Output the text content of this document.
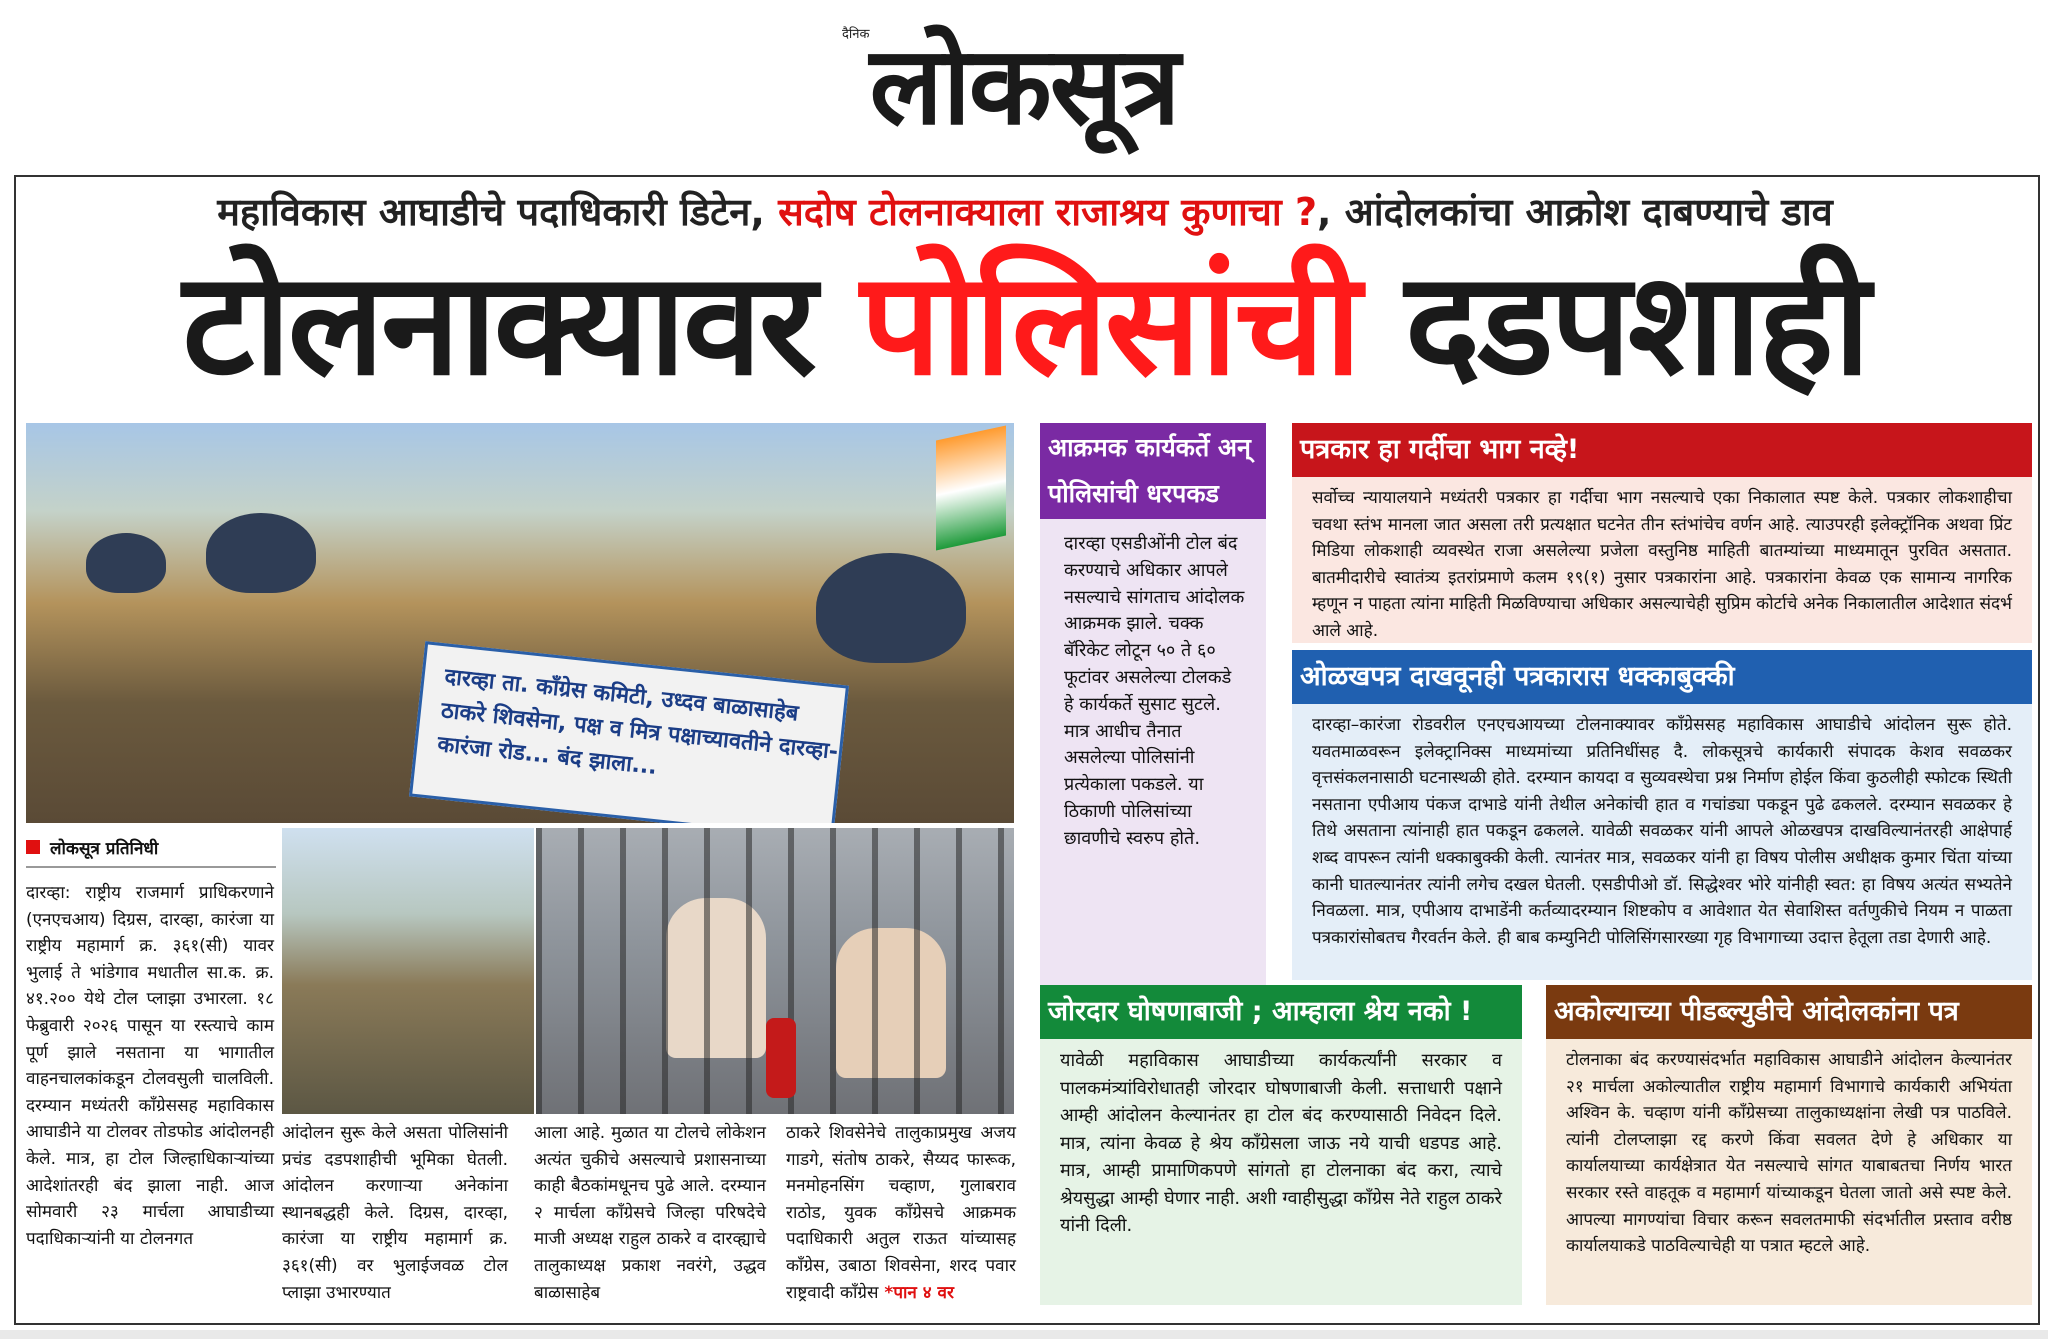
दैनिक लोकसूत्र
महाविकास आघाडीचे पदाधिकारी डिटेन, सदोष टोलनाक्याला राजाश्रय कुणाचा ?, आंदोलकांचा आक्रोश दाबण्याचे डाव
टोलनाक्यावर पोलिसांची दडपशाही
दारव्हा ता. काँग्रेस कमिटी, उध्दव बाळासाहेब ठाकरे शिवसेना, पक्ष व मित्र पक्षाच्यावतीने दारव्हा-कारंजा रोड... बंद झाला...
लोकसूत्र प्रतिनिधी
दारव्हा: राष्ट्रीय राजमार्ग प्राधिकरणाने (एनएचआय) दिग्रस, दारव्हा, कारंजा या राष्ट्रीय महामार्ग क्र. ३६१(सी) यावर भुलाई ते भांडेगाव मधातील सा.क. क्र. ४१.२०० येथे टोल प्लाझा उभारला. १८ फेब्रुवारी २०२६ पासून या रस्त्याचे काम पूर्ण झाले नसताना या भागातील वाहनचालकांकडून टोलवसुली चालविली. दरम्यान मध्यंतरी काँग्रेससह महाविकास आघाडीने या टोलवर तोडफोड आंदोलनही केले. मात्र, हा टोल जिल्हाधिकाऱ्यांच्या आदेशांतरही बंद झाला नाही. आज सोमवारी २३ मार्चला आघाडीच्या पदाधिकाऱ्यांनी या टोलनगत
आंदोलन सुरू केले असता पोलिसांनी प्रचंड दडपशाहीची भूमिका घेतली. आंदोलन करणाऱ्या अनेकांना स्थानबद्धही केले. दिग्रस, दारव्हा, कारंजा या राष्ट्रीय महामार्ग क्र. ३६१(सी) वर भुलाईजवळ टोल प्लाझा उभारण्यात
आला आहे. मुळात या टोलचे लोकेशन अत्यंत चुकीचे असल्याचे प्रशासनाच्या काही बैठकांमधूनच पुढे आले. दरम्यान २ मार्चला काँग्रेसचे जिल्हा परिषदेचे माजी अध्यक्ष राहुल ठाकरे व दारव्ह्याचे तालुकाध्यक्ष प्रकाश नवरंगे, उद्धव बाळासाहेब
ठाकरे शिवसेनेचे तालुकाप्रमुख अजय गाडगे, संतोष ठाकरे, सैय्यद फारूक, मनमोहनसिंग चव्हाण, गुलाबराव राठोड, युवक काँग्रेसचे आक्रमक पदाधिकारी अतुल राऊत यांच्यासह काँग्रेस, उबाठा शिवसेना, शरद पवार राष्ट्रवादी काँग्रेस *पान ४ वर
आक्रमक कार्यकर्ते अन् पोलिसांची धरपकड
दारव्हा एसडीओंनी टोल बंद करण्याचे अधिकार आपले नसल्याचे सांगताच आंदोलक आक्रमक झाले. चक्क बॅरिकेट लोटून ५० ते ६० फूटांवर असलेल्या टोलकडे हे कार्यकर्ते सुसाट सुटले. मात्र आधीच तैनात असलेल्या पोलिसांनी प्रत्येकाला पकडले. या ठिकाणी पोलिसांच्या छावणीचे स्वरुप होते.
पत्रकार हा गर्दीचा भाग नव्हे!
सर्वोच्च न्यायालयाने मध्यंतरी पत्रकार हा गर्दीचा भाग नसल्याचे एका निकालात स्पष्ट केले. पत्रकार लोकशाहीचा चवथा स्तंभ मानला जात असला तरी प्रत्यक्षात घटनेत तीन स्तंभांचेच वर्णन आहे. त्याउपरही इलेक्ट्रॉनिक अथवा प्रिंट मिडिया लोकशाही व्यवस्थेत राजा असलेल्या प्रजेला वस्तुनिष्ठ माहिती बातम्यांच्या माध्यमातून पुरवित असतात. बातमीदारीचे स्वातंत्र्य इतरांप्रमाणे कलम १९(१) नुसार पत्रकारांना आहे. पत्रकारांना केवळ एक सामान्य नागरिक म्हणून न पाहता त्यांना माहिती मिळविण्याचा अधिकार असल्याचेही सुप्रिम कोर्टाचे अनेक निकालातील आदेशात संदर्भ आले आहे.
ओळखपत्र दाखवूनही पत्रकारास धक्काबुक्की
दारव्हा–कारंजा रोडवरील एनएचआयच्या टोलनाक्यावर काँग्रेससह महाविकास आघाडीचे आंदोलन सुरू होते. यवतमाळवरून इलेक्ट्रानिक्स माध्यमांच्या प्रतिनिधींसह दै. लोकसूत्रचे कार्यकारी संपादक केशव सवळकर वृत्तसंकलनासाठी घटनास्थळी होते. दरम्यान कायदा व सुव्यवस्थेचा प्रश्न निर्माण होईल किंवा कुठलीही स्फोटक स्थिती नसताना एपीआय पंकज दाभाडे यांनी तेथील अनेकांची हात व गचांड्या पकडून पुढे ढकलले. दरम्यान सवळकर हे तिथे असताना त्यांनाही हात पकडून ढकलले. यावेळी सवळकर यांनी आपले ओळखपत्र दाखविल्यानंतरही आक्षेपार्ह शब्द वापरून त्यांनी धक्काबुक्की केली. त्यानंतर मात्र, सवळकर यांनी हा विषय पोलीस अधीक्षक कुमार चिंता यांच्या कानी घातल्यानंतर त्यांनी लगेच दखल घेतली. एसडीपीओ डॉ. सिद्धेश्वर भोरे यांनीही स्वत: हा विषय अत्यंत सभ्यतेने निवळला. मात्र, एपीआय दाभाडेंनी कर्तव्यादरम्यान शिष्टकोप व आवेशात येत सेवाशिस्त वर्तणुकीचे नियम न पाळता पत्रकारांसोबतच गैरवर्तन केले. ही बाब कम्युनिटी पोलिसिंगसारख्या गृह विभागाच्या उदात्त हेतूला तडा देणारी आहे.
जोरदार घोषणाबाजी ; आम्हाला श्रेय नको !
यावेळी महाविकास आघाडीच्या कार्यकर्त्यांनी सरकार व पालकमंत्र्यांविरोधातही जोरदार घोषणाबाजी केली. सत्ताधारी पक्षाने आम्ही आंदोलन केल्यानंतर हा टोल बंद करण्यासाठी निवेदन दिले. मात्र, त्यांना केवळ हे श्रेय काँग्रेसला जाऊ नये याची धडपड आहे. मात्र, आम्ही प्रामाणिकपणे सांगतो हा टोलनाका बंद करा, त्याचे श्रेयसुद्धा आम्ही घेणार नाही. अशी ग्वाहीसुद्धा काँग्रेस नेते राहुल ठाकरे यांनी दिली.
अकोल्याच्या पीडब्ल्युडीचे आंदोलकांना पत्र
टोलनाका बंद करण्यासंदर्भात महाविकास आघाडीने आंदोलन केल्यानंतर २१ मार्चला अकोल्यातील राष्ट्रीय महामार्ग विभागाचे कार्यकारी अभियंता अश्विन के. चव्हाण यांनी काँग्रेसच्या तालुकाध्यक्षांना लेखी पत्र पाठविले. त्यांनी टोलप्लाझा रद्द करणे किंवा सवलत देणे हे अधिकार या कार्यालयाच्या कार्यक्षेत्रात येत नसल्याचे सांगत याबाबतचा निर्णय भारत सरकार रस्ते वाहतूक व महामार्ग यांच्याकडून घेतला जातो असे स्पष्ट केले. आपल्या मागण्यांचा विचार करून सवलतमाफी संदर्भातील प्रस्ताव वरीष्ठ कार्यालयाकडे पाठविल्याचेही या पत्रात म्हटले आहे.
